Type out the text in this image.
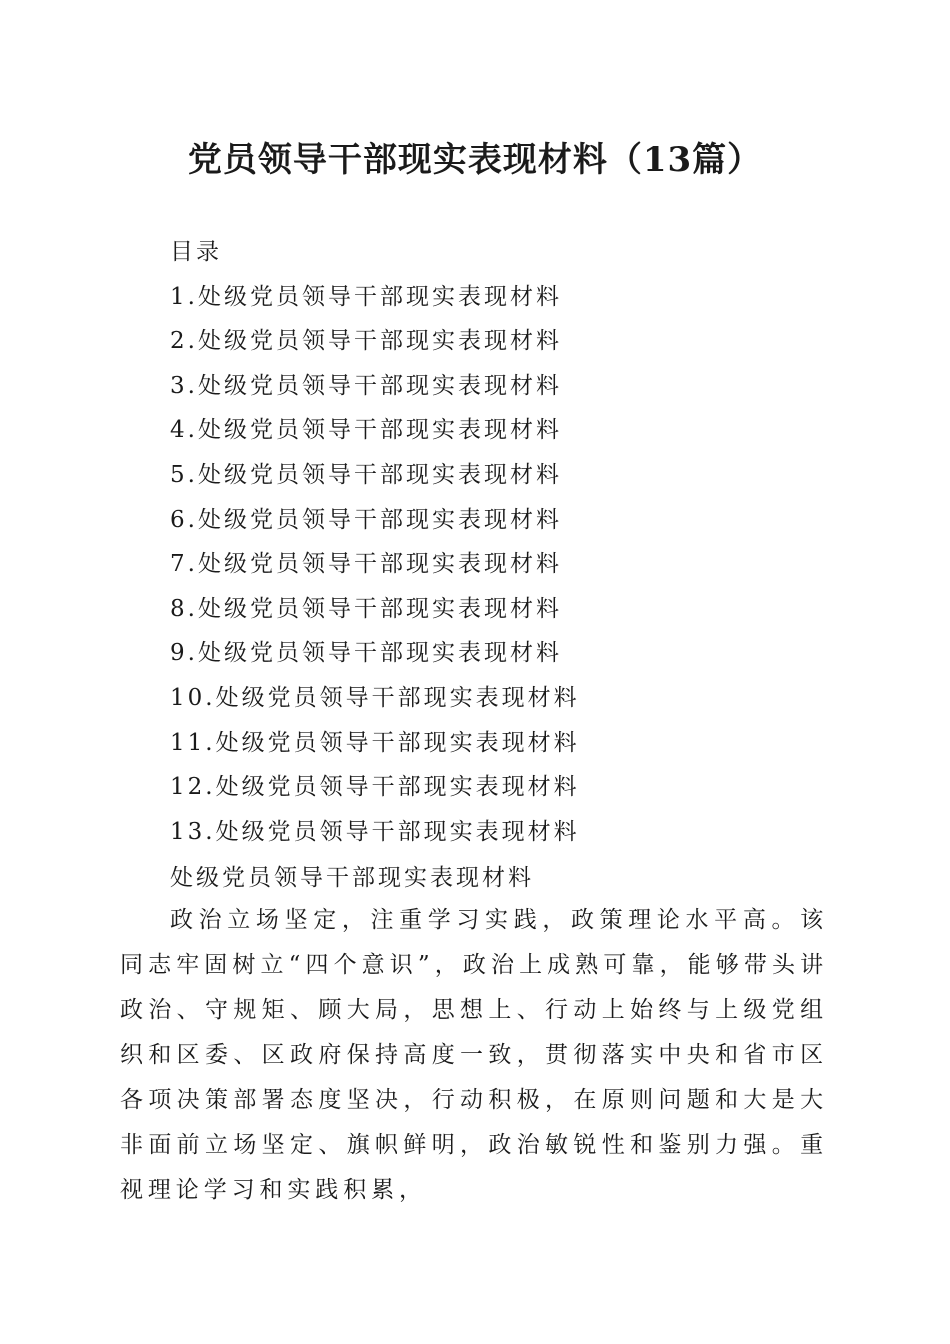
党员领导干部现实表现材料（13篇）
目录
1.处级党员领导干部现实表现材料
2.处级党员领导干部现实表现材料
3.处级党员领导干部现实表现材料
4.处级党员领导干部现实表现材料
5.处级党员领导干部现实表现材料
6.处级党员领导干部现实表现材料
7.处级党员领导干部现实表现材料
8.处级党员领导干部现实表现材料
9.处级党员领导干部现实表现材料
10.处级党员领导干部现实表现材料
11.处级党员领导干部现实表现材料
12.处级党员领导干部现实表现材料
13.处级党员领导干部现实表现材料
处级党员领导干部现实表现材料

政治立场坚定，注重学习实践，政策理论水平高。该同志牢固树立“四个意识”，政治上成熟可靠，能够带头讲政治、守规矩、顾大局，思想上、行动上始终与上级党组织和区委、区政府保持高度一致，贯彻落实中央和省市区各项决策部署态度坚决，行动积极，在原则问题和大是大非面前立场坚定、旗帜鲜明，政治敏锐性和鉴别力强。重视理论学习和实践积累，
